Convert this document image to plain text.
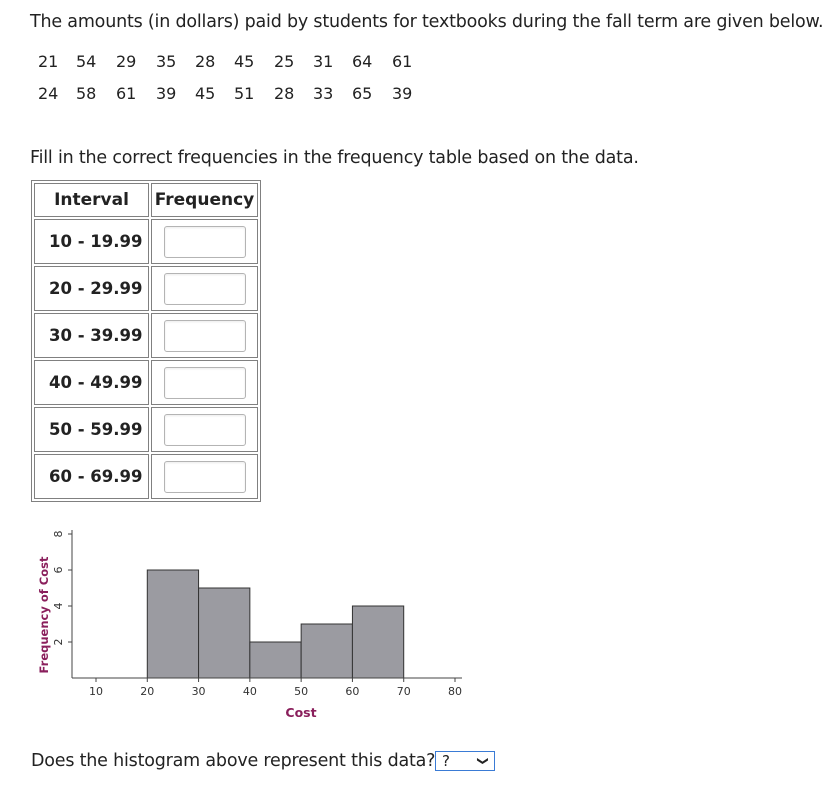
The amounts (in dollars) paid by students for textbooks during the fall term are given below.
21 54 29 35 28 45 25 31 64 61
24 58 61 39 45 51 28 33 65 39
Fill in the correct frequencies in the frequency table based on the data.
Interval	Frequency
10 - 19.99	
20 - 29.99	
30 - 39.99	
40 - 49.99	
50 - 59.99	
60 - 69.99	
10	20	30	40	50	60	70	80
2
4
6
8
Cost
Frequency of Cost
Does the histogram above represent this data? ? ❯
